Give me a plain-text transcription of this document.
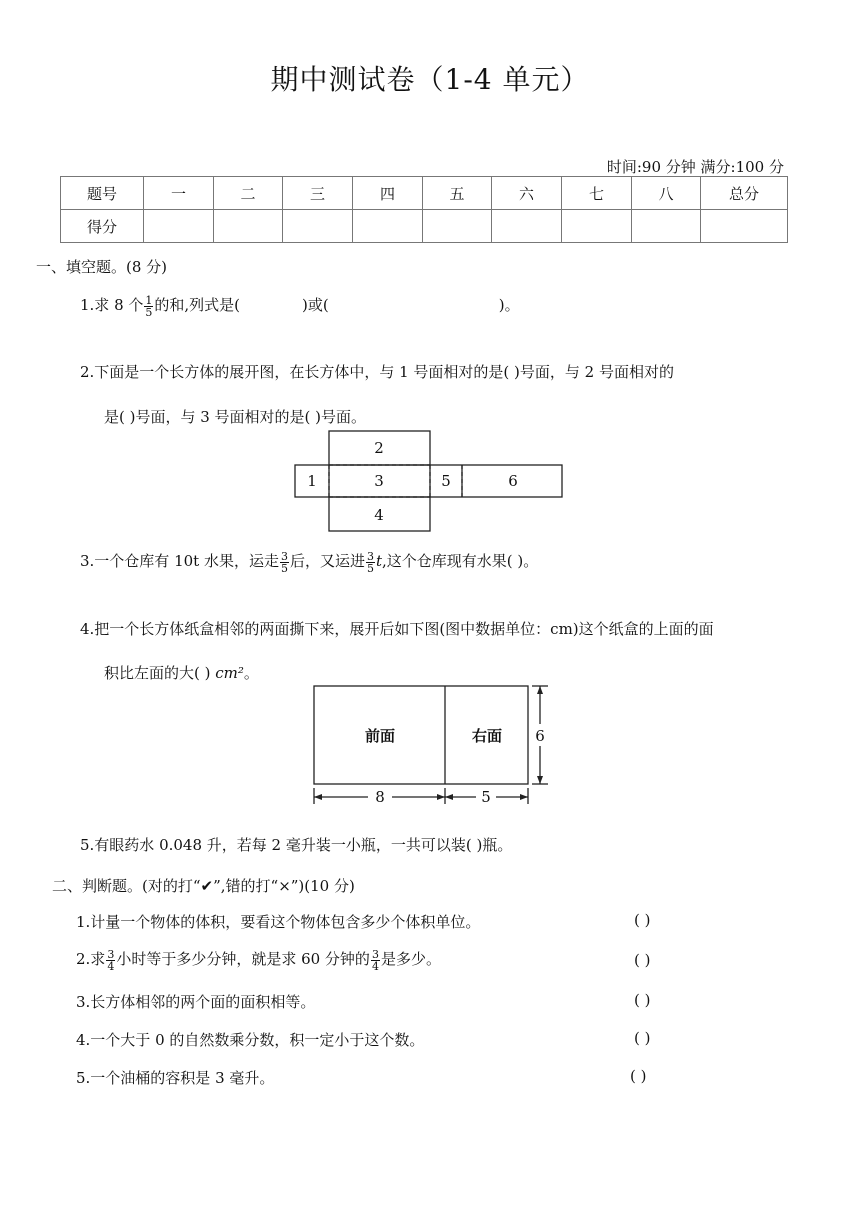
期中测试卷（1-4 单元）
时间:90 分钟 满分:100 分
题号	一	二	三	四	五	六	七	八	总分
得分									
一、填空题。(8 分)
1.求 8 个 $\frac{1}{5}$ 的和,列式是(	)或(	)。
2.下面是一个长方体的展开图，在长方体中，与 1 号面相对的是( )号面，与 2 号面相对的
是( )号面，与 3 号面相对的是( )号面。
1
2
3
4
5	6
3.一个仓库有 10t 水果，运走 $\frac{3}{5}$ 后，又运进 $\frac{3}{5} t$,这个仓库现有水果( )。
4.把一个长方体纸盒相邻的两面撕下来，展开后如下图(图中数据单位：cm)这个纸盒的上面的面
积比左面的大( ) cm²。
前面	右面
8	5
6
5.有眼药水 0.048 升，若每 2 毫升装一小瓶，一共可以装( )瓶。
二、判断题。(对的打“✔”,错的打“×”)(10 分)
1.计量一个物体的体积，要看这个物体包含多少个体积单位。	( )
2.求 $\frac{3}{4}$ 小时等于多少分钟，就是求 60 分钟的 $\frac{3}{4}$ 是多少。	( )
3.长方体相邻的两个面的面积相等。	( )
4.一个大于 0 的自然数乘分数，积一定小于这个数。	( )
5.一个油桶的容积是 3 毫升。	( )
